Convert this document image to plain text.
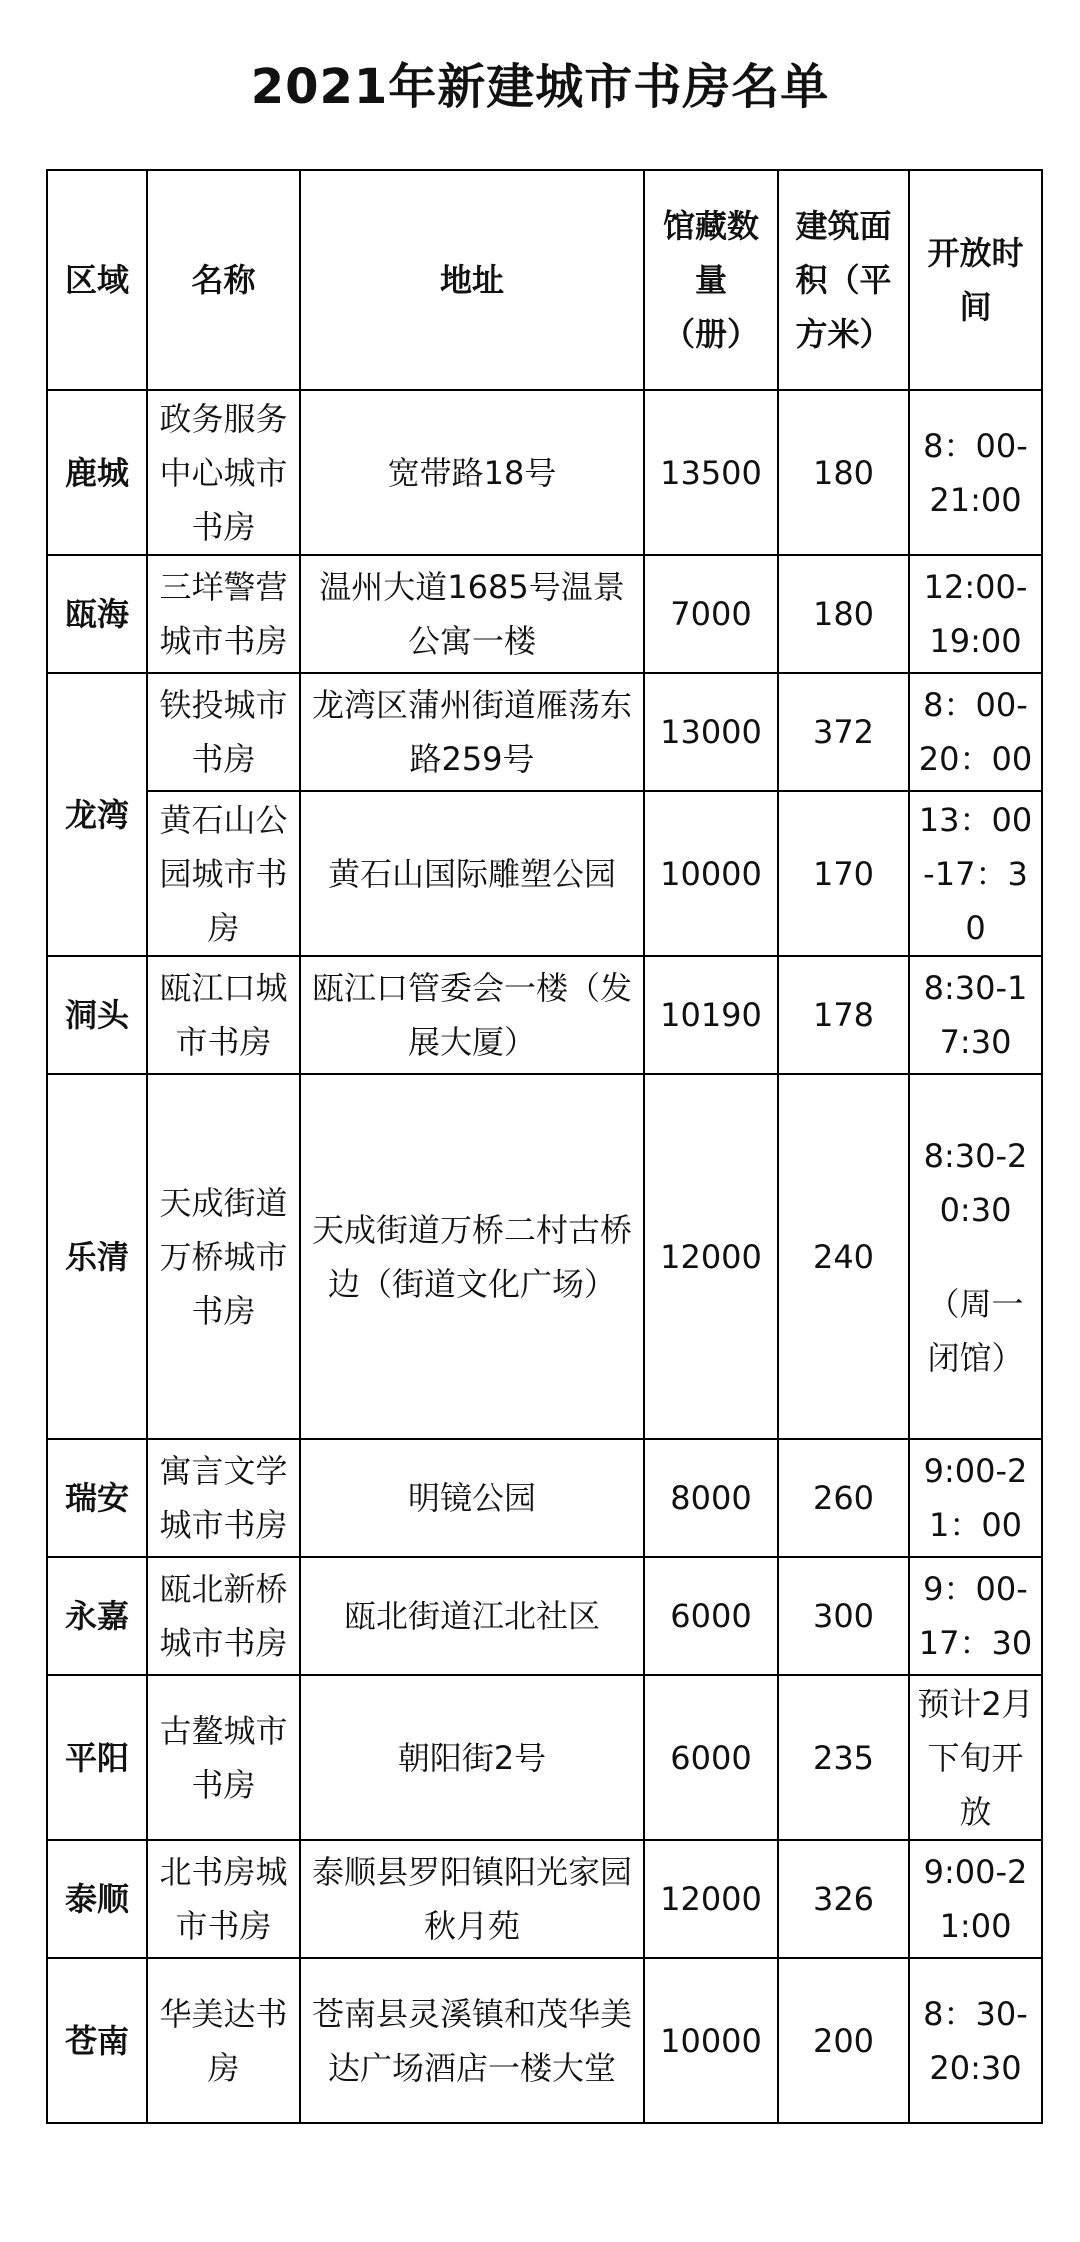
2021年新建城市书房名单
区域	名称	地址	馆藏数量（册）	建筑面积（平方米）	开放时间
鹿城	政务服务中心城市书房	宽带路18号	13500	180	8：00-21:00
瓯海	三垟警营城市书房	温州大道1685号温景公寓一楼	7000	180	12:00-19:00
龙湾	铁投城市书房	龙湾区蒲州街道雁荡东路259号	13000	372	8：00-20：00
	黄石山公园城市书房	黄石山国际雕塑公园	10000	170	13：00-17：30
洞头	瓯江口城市书房	瓯江口管委会一楼（发展大厦）	10190	178	8:30-17:30
乐清	天成街道万桥城市书房	天成街道万桥二村古桥边（街道文化广场）	12000	240	8:30-20:30
（周一闭馆）

瑞安	寓言文学城市书房	明镜公园	8000	260	9:00-21：00
永嘉	瓯北新桥城市书房	瓯北街道江北社区	6000	300	9：00-17：30
平阳	古鳌城市书房	朝阳街2号	6000	235	预计2月下旬开放
泰顺	北书房城市书房	泰顺县罗阳镇阳光家园秋月苑	12000	326	9:00-21:00
苍南	华美达书房	苍南县灵溪镇和茂华美达广场酒店一楼大堂	10000	200	8：30-20:30
